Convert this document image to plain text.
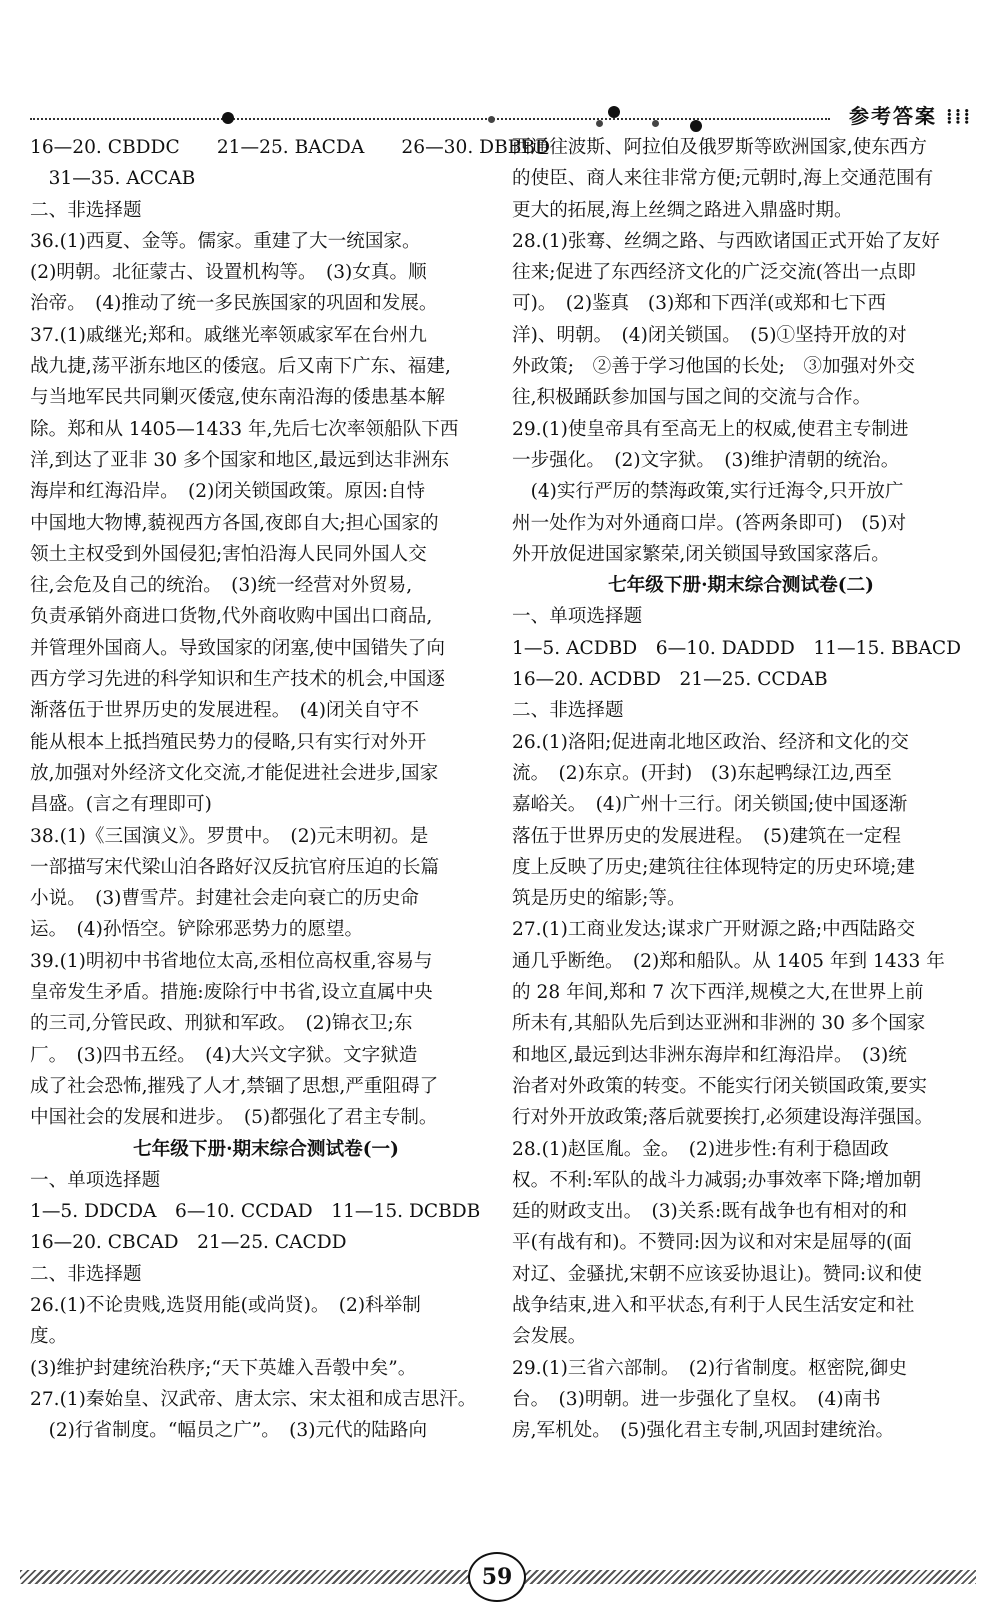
参考答案 ⁞⁞⁞

16—20. CBDDC　　21—25. BACDA　　26—30. DBBBD

　31—35. ACCAB

二、非选择题

36.(1)西夏、金等。儒家。重建了大一统国家。

(2)明朝。北征蒙古、设置机构等。　(3)女真。顺

治帝。　(4)推动了统一多民族国家的巩固和发展。

37.(1)戚继光;郑和。戚继光率领戚家军在台州九

战九捷,荡平浙东地区的倭寇。后又南下广东、福建,

与当地军民共同剿灭倭寇,使东南沿海的倭患基本解

除。郑和从 1405—1433 年,先后七次率领船队下西

洋,到达了亚非 30 多个国家和地区,最远到达非洲东

海岸和红海沿岸。　(2)闭关锁国政策。原因:自恃

中国地大物博,藐视西方各国,夜郎自大;担心国家的

领土主权受到外国侵犯;害怕沿海人民同外国人交

往,会危及自己的统治。　(3)统一经营对外贸易,

负责承销外商进口货物,代外商收购中国出口商品,

并管理外国商人。导致国家的闭塞,使中国错失了向

西方学习先进的科学知识和生产技术的机会,中国逐

渐落伍于世界历史的发展进程。　(4)闭关自守不

能从根本上抵挡殖民势力的侵略,只有实行对外开

放,加强对外经济文化交流,才能促进社会进步,国家

昌盛。(言之有理即可)

38.(1)《三国演义》。罗贯中。　(2)元末明初。是

一部描写宋代梁山泊各路好汉反抗官府压迫的长篇

小说。　(3)曹雪芹。封建社会走向衰亡的历史命

运。　(4)孙悟空。铲除邪恶势力的愿望。

39.(1)明初中书省地位太高,丞相位高权重,容易与

皇帝发生矛盾。措施:废除行中书省,设立直属中央

的三司,分管民政、刑狱和军政。　(2)锦衣卫;东

厂。　(3)四书五经。　(4)大兴文字狱。文字狱造

成了社会恐怖,摧残了人才,禁锢了思想,严重阻碍了

中国社会的发展和进步。　(5)都强化了君主专制。

七年级下册·期末综合测试卷(一)

一、单项选择题

1—5. DDCDA　6—10. CCDAD　11—15. DCBDB

16—20. CBCAD　21—25. CACDD

二、非选择题

26.(1)不论贵贱,选贤用能(或尚贤)。　(2)科举制

度。

(3)维护封建统治秩序;“天下英雄入吾彀中矣”。

27.(1)秦始皇、汉武帝、唐太宗、宋太祖和成吉思汗。

　(2)行省制度。“幅员之广”。　(3)元代的陆路向

西通往波斯、阿拉伯及俄罗斯等欧洲国家,使东西方

的使臣、商人来往非常方便;元朝时,海上交通范围有

更大的拓展,海上丝绸之路进入鼎盛时期。

28.(1)张骞、丝绸之路、与西欧诸国正式开始了友好

往来;促进了东西经济文化的广泛交流(答出一点即

可)。　(2)鉴真　(3)郑和下西洋(或郑和七下西

洋)、明朝。　(4)闭关锁国。　(5)①坚持开放的对

外政策;　②善于学习他国的长处;　③加强对外交

往,积极踊跃参加国与国之间的交流与合作。

29.(1)使皇帝具有至高无上的权威,使君主专制进

一步强化。　(2)文字狱。　(3)维护清朝的统治。

　(4)实行严厉的禁海政策,实行迁海令,只开放广

州一处作为对外通商口岸。(答两条即可)　(5)对

外开放促进国家繁荣,闭关锁国导致国家落后。

七年级下册·期末综合测试卷(二)

一、单项选择题

1—5. ACDBD　6—10. DADDD　11—15. BBACD

16—20. ACDBD　21—25. CCDAB

二、非选择题

26.(1)洛阳;促进南北地区政治、经济和文化的交

流。　(2)东京。(开封)　(3)东起鸭绿江边,西至

嘉峪关。　(4)广州十三行。闭关锁国;使中国逐渐

落伍于世界历史的发展进程。　(5)建筑在一定程

度上反映了历史;建筑往往体现特定的历史环境;建

筑是历史的缩影;等。

27.(1)工商业发达;谋求广开财源之路;中西陆路交

通几乎断绝。　(2)郑和船队。从 1405 年到 1433 年

的 28 年间,郑和 7 次下西洋,规模之大,在世界上前

所未有,其船队先后到达亚洲和非洲的 30 多个国家

和地区,最远到达非洲东海岸和红海沿岸。　(3)统

治者对外政策的转变。不能实行闭关锁国政策,要实

行对外开放政策;落后就要挨打,必须建设海洋强国。

28.(1)赵匡胤。金。　(2)进步性:有利于稳固政

权。不利:军队的战斗力减弱;办事效率下降;增加朝

廷的财政支出。　(3)关系:既有战争也有相对的和

平(有战有和)。不赞同:因为议和对宋是屈辱的(面

对辽、金骚扰,宋朝不应该妥协退让)。赞同:议和使

战争结束,进入和平状态,有利于人民生活安定和社

会发展。

29.(1)三省六部制。　(2)行省制度。枢密院,御史

台。　(3)明朝。进一步强化了皇权。　(4)南书

房,军机处。　(5)强化君主专制,巩固封建统治。

59
